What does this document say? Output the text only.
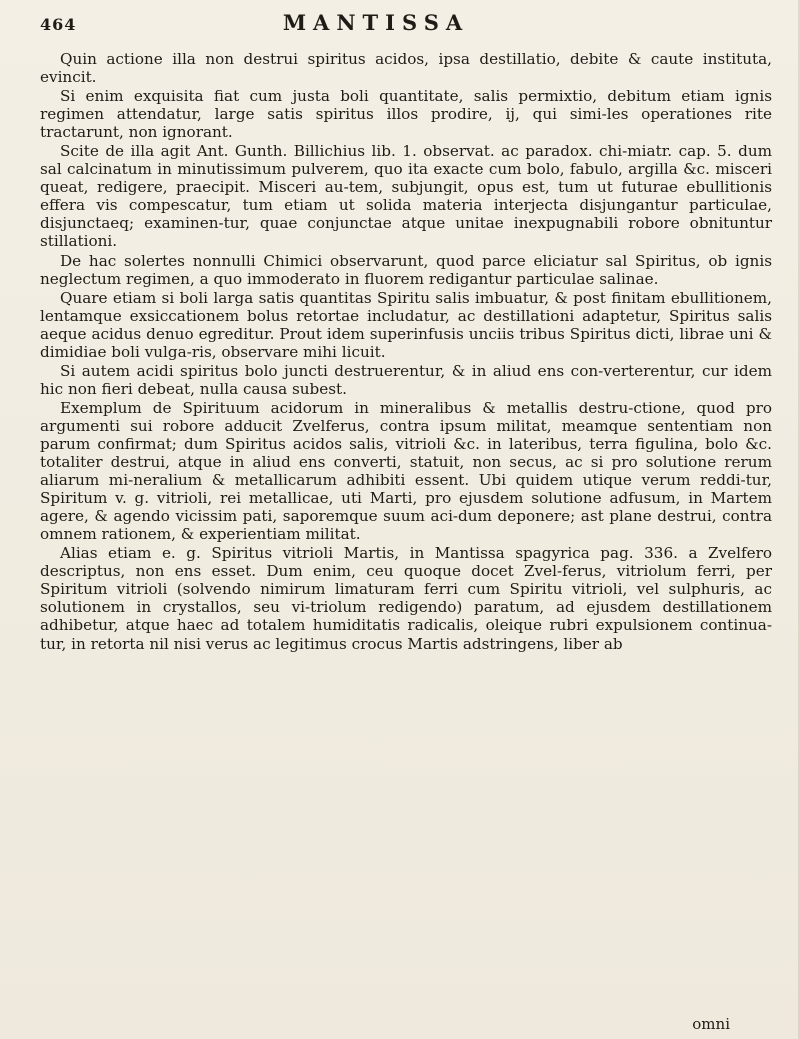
464	MANTISSA

Quin actione illa non destrui spiritus acidos, ipsa destillatio, debite & caute instituta, evincit.

Si enim exquisita fiat cum justa boli quantitate, salis permixtio, debitum etiam ignis regimen attendatur, large satis spiritus illos prodire, ij, qui simi-les operationes rite tractarunt, non ignorant.

Scite de illa agit Ant. Gunth. Billichius lib. 1. observat. ac paradox. chi-miatr. cap. 5. dum sal calcinatum in minutissimum pulverem, quo ita exacte cum bolo, fabulo, argilla &c. misceri queat, redigere, praecipit. Misceri au-tem, subjungit, opus est, tum ut futurae ebullitionis effera vis compescatur, tum etiam ut solida materia interjecta disjungantur particulae, disjunctaeq; examinen-tur, quae conjunctae atque unitae inexpugnabili robore obnituntur stillationi.

De hac solertes nonnulli Chimici observarunt, quod parce eliciatur sal Spiritus, ob ignis neglectum regimen, a quo immoderato in fluorem redigantur particulae salinae.

Quare etiam si boli larga satis quantitas Spiritu salis imbuatur, & post finitam ebullitionem, lentamque exsiccationem bolus retortae includatur, ac destillationi adaptetur, Spiritus salis aeque acidus denuo egreditur. Prout idem superinfusis unciis tribus Spiritus dicti, librae uni & dimidiae boli vulga-ris, observare mihi licuit.

Si autem acidi spiritus bolo juncti destruerentur, & in aliud ens con-verterentur, cur idem hic non fieri debeat, nulla causa subest.

Exemplum de Spirituum acidorum in mineralibus & metallis destru-ctione, quod pro argumenti sui robore adducit Zvelferus, contra ipsum militat, meamque sententiam non parum confirmat; dum Spiritus acidos salis, vitrioli &c. in lateribus, terra figulina, bolo &c. totaliter destrui, atque in aliud ens converti, statuit, non secus, ac si pro solutione rerum aliarum mi-neralium & metallicarum adhibiti essent. Ubi quidem utique verum reddi-tur, Spiritum v. g. vitrioli, rei metallicae, uti Marti, pro ejusdem solutione adfusum, in Martem agere, & agendo vicissim pati, saporemque suum aci-dum deponere; ast plane destrui, contra omnem rationem, & experientiam militat.

Alias etiam e. g. Spiritus vitrioli Martis, in Mantissa spagyrica pag. 336. a Zvelfero descriptus, non ens esset. Dum enim, ceu quoque docet Zvel-ferus, vitriolum ferri, per Spiritum vitrioli (solvendo nimirum limaturam ferri cum Spiritu vitrioli, vel sulphuris, ac solutionem in crystallos, seu vi-triolum redigendo) paratum, ad ejusdem destillationem adhibetur, atque haec ad totalem humiditatis radicalis, oleique rubri expulsionem continua-tur, in retorta nil nisi verus ac legitimus crocus Martis adstringens, liber ab

omni
